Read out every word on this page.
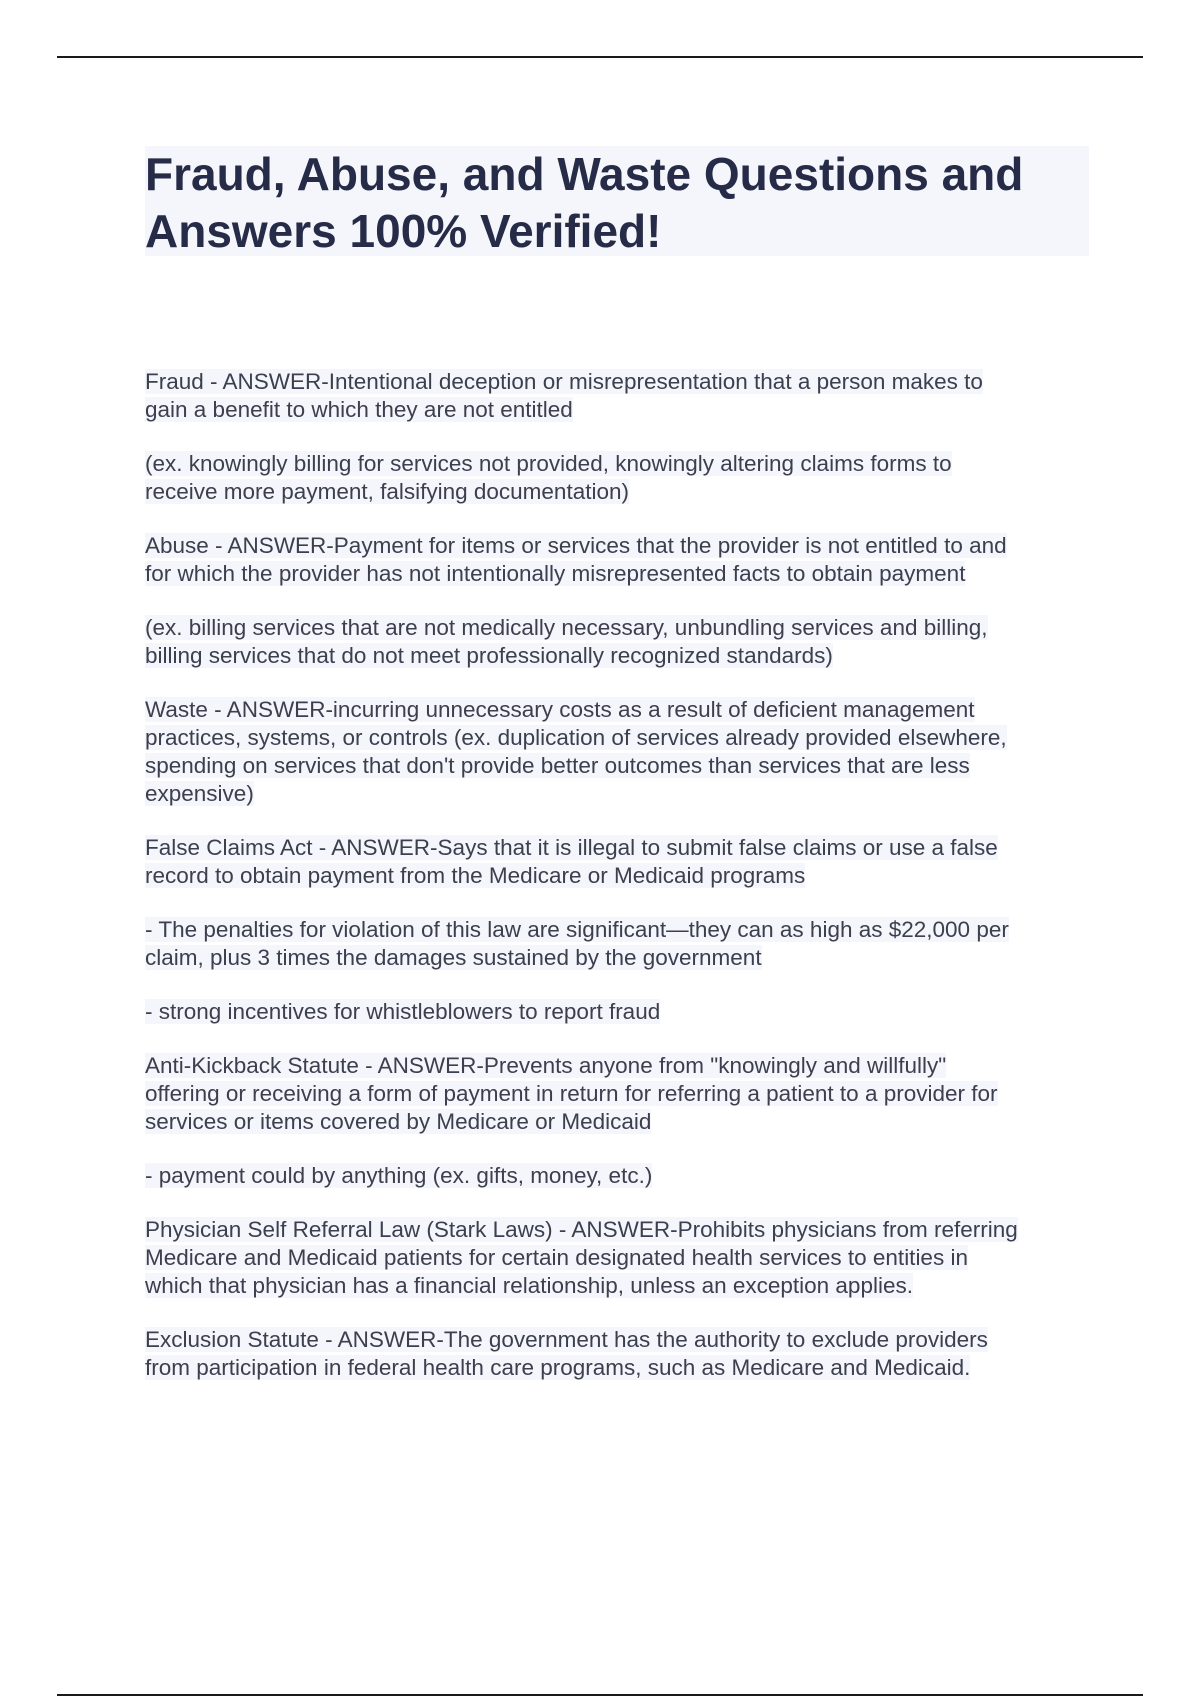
Fraud, Abuse, and Waste Questions and
Answers 100% Verified!

Fraud - ANSWER-Intentional deception or misrepresentation that a person makes to
gain a benefit to which they are not entitled

(ex. knowingly billing for services not provided, knowingly altering claims forms to
receive more payment, falsifying documentation)

Abuse - ANSWER-Payment for items or services that the provider is not entitled to and
for which the provider has not intentionally misrepresented facts to obtain payment

(ex. billing services that are not medically necessary, unbundling services and billing,
billing services that do not meet professionally recognized standards)

Waste - ANSWER-incurring unnecessary costs as a result of deficient management
practices, systems, or controls (ex. duplication of services already provided elsewhere,
spending on services that don't provide better outcomes than services that are less
expensive)

False Claims Act - ANSWER-Says that it is illegal to submit false claims or use a false
record to obtain payment from the Medicare or Medicaid programs

- The penalties for violation of this law are significant—they can as high as $22,000 per
claim, plus 3 times the damages sustained by the government

- strong incentives for whistleblowers to report fraud

Anti-Kickback Statute - ANSWER-Prevents anyone from "knowingly and willfully"
offering or receiving a form of payment in return for referring a patient to a provider for
services or items covered by Medicare or Medicaid

- payment could by anything (ex. gifts, money, etc.)

Physician Self Referral Law (Stark Laws) - ANSWER-Prohibits physicians from referring
Medicare and Medicaid patients for certain designated health services to entities in
which that physician has a financial relationship, unless an exception applies.

Exclusion Statute - ANSWER-The government has the authority to exclude providers
from participation in federal health care programs, such as Medicare and Medicaid.
